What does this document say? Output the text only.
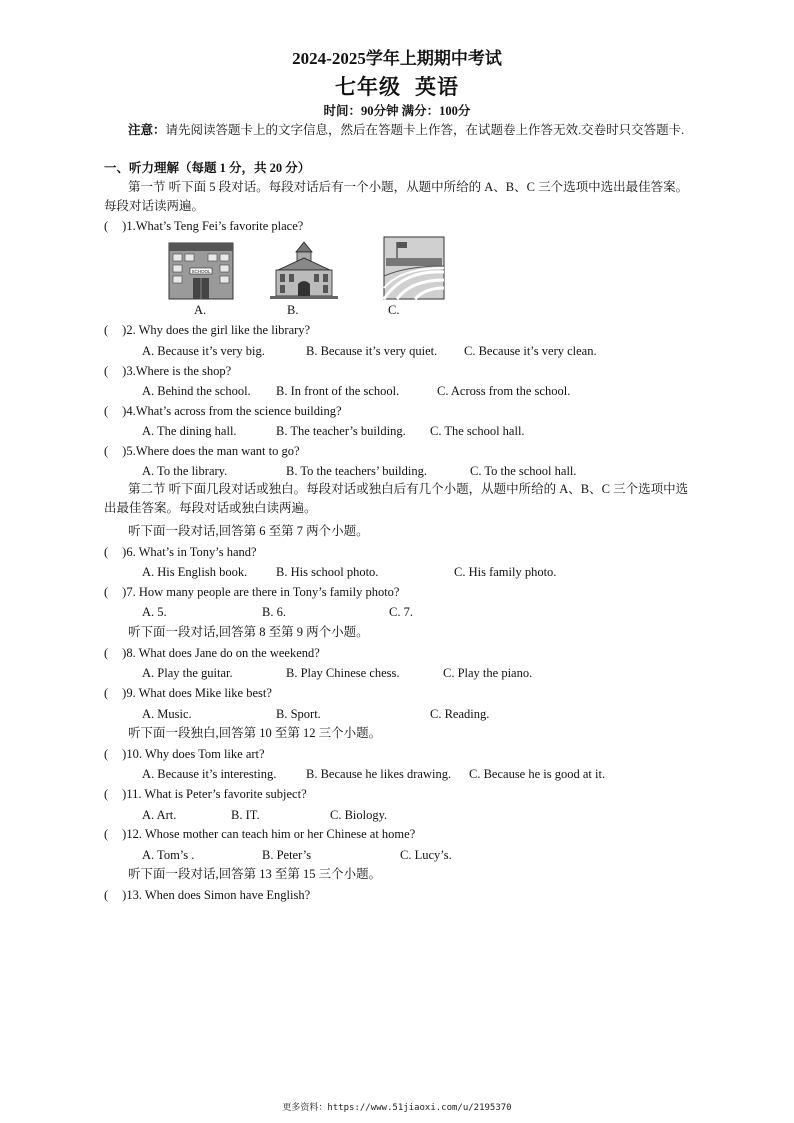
2024-2025学年上期期中考试
七年级 英语
时间：90分钟 满分：100分
注意：请先阅读答题卡上的文字信息，然后在答题卡上作答，在试题卷上作答无效.交卷时只交答题卡.
一、听力理解（每题 1 分，共 20 分）
第一节 听下面 5 段对话。每段对话后有一个小题，从题中所给的 A、B、C 三个选项中选出最佳答案。每段对话读两遍。
( )1.What’s Teng Fei’s favorite place?
SCHOOL
A.	B.	C.
( )2. Why does the girl like the library?
A. Because it’s very big.	B. Because it’s very quiet. C. Because it’s very clean.
( )3.Where is the shop?
A. Behind the school. B. In front of the school.	C. Across from the school.
( )4.What’s across from the science building?
A. The dining hall.	B. The teacher’s building. C. The school hall.
( )5.Where does the man want to go?
A. To the library.	B. To the teachers’ building.	C. To the school hall.
第二节 听下面几段对话或独白。每段对话或独白后有几个小题，从题中所给的 A、B、C 三个选项中选出最佳答案。每段对话或独白读两遍。
听下面一段对话,回答第 6 至第 7 两个小题。
( )6. What’s in Tony’s hand?
A. His English book. B. His school photo.	C. His family photo.
( )7. How many people are there in Tony’s family photo?
A. 5.	B. 6.	C. 7.
听下面一段对话,回答第 8 至第 9 两个小题。
( )8. What does Jane do on the weekend?
A. Play the guitar.	B. Play Chinese chess.	C. Play the piano.
( )9. What does Mike like best?
A. Music.	B. Sport.	C. Reading.
听下面一段独白,回答第 10 至第 12 三个小题。
( )10. Why does Tom like art?
A. Because it’s interesting. B. Because he likes drawing. C. Because he is good at it.
( )11. What is Peter’s favorite subject?
A. Art.	B. IT.	C. Biology.
( )12. Whose mother can teach him or her Chinese at home?
A. Tom’s .	B. Peter’s	C. Lucy’s.
听下面一段对话,回答第 13 至第 15 三个小题。
( )13. When does Simon have English?
更多资料：https://www.51jiaoxi.com/u/2195370
